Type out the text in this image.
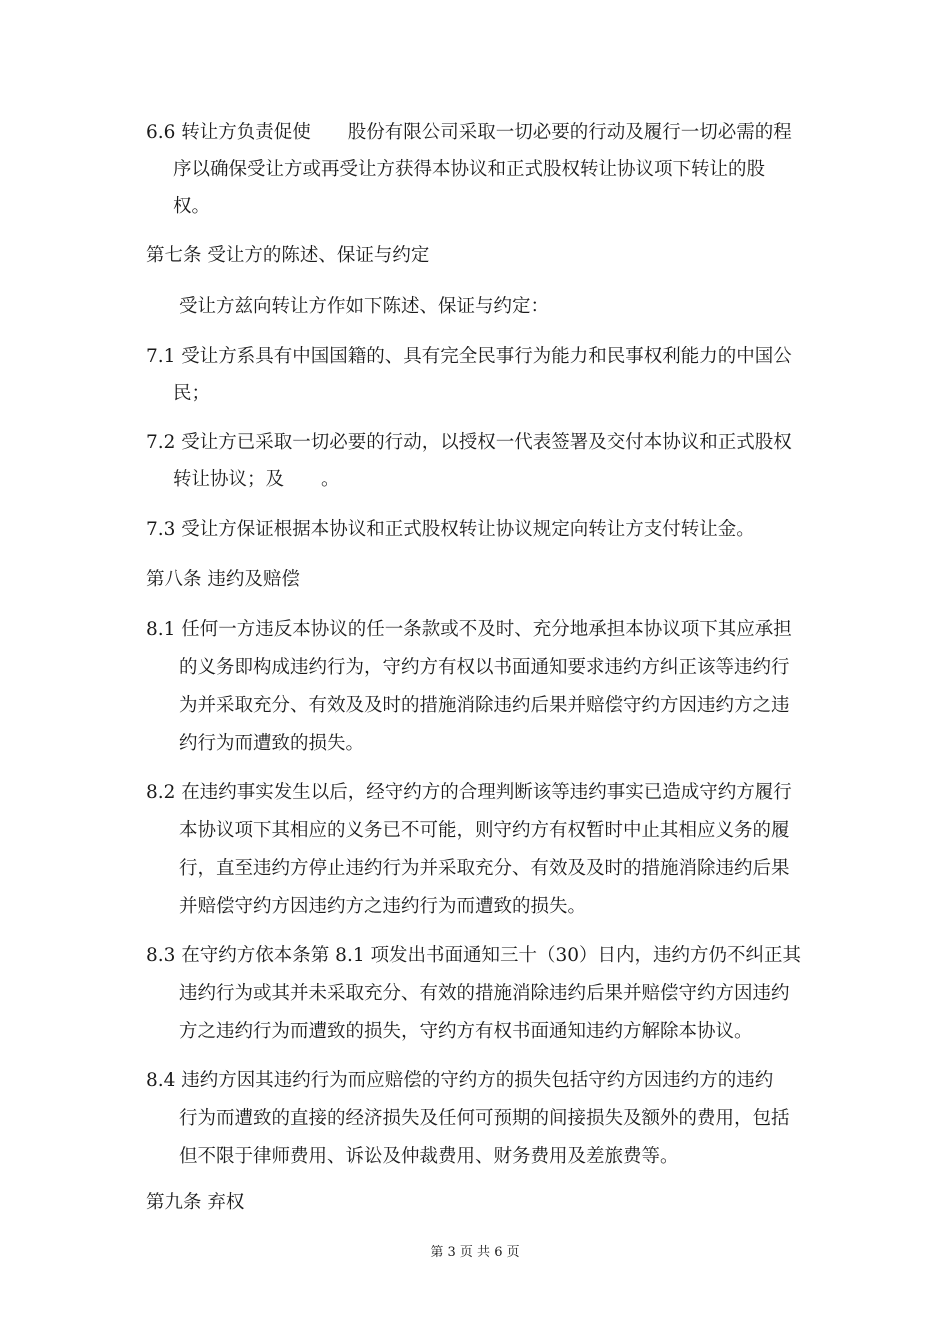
6.6 转让方负责促使　　股份有限公司采取一切必要的行动及履行一切必需的程
序以确保受让方或再受让方获得本协议和正式股权转让协议项下转让的股
权。
第七条 受让方的陈述、保证与约定
受让方兹向转让方作如下陈述、保证与约定：
7.1 受让方系具有中国国籍的、具有完全民事行为能力和民事权利能力的中国公
民；
7.2 受让方已采取一切必要的行动，以授权一代表签署及交付本协议和正式股权
转让协议；及　　。
7.3 受让方保证根据本协议和正式股权转让协议规定向转让方支付转让金。
第八条 违约及赔偿
8.1 任何一方违反本协议的任一条款或不及时、充分地承担本协议项下其应承担
的义务即构成违约行为，守约方有权以书面通知要求违约方纠正该等违约行
为并采取充分、有效及及时的措施消除违约后果并赔偿守约方因违约方之违
约行为而遭致的损失。
8.2 在违约事实发生以后，经守约方的合理判断该等违约事实已造成守约方履行
本协议项下其相应的义务已不可能，则守约方有权暂时中止其相应义务的履
行，直至违约方停止违约行为并采取充分、有效及及时的措施消除违约后果
并赔偿守约方因违约方之违约行为而遭致的损失。
8.3 在守约方依本条第 8.1 项发出书面通知三十（30）日内，违约方仍不纠正其
违约行为或其并未采取充分、有效的措施消除违约后果并赔偿守约方因违约
方之违约行为而遭致的损失，守约方有权书面通知违约方解除本协议。
8.4 违约方因其违约行为而应赔偿的守约方的损失包括守约方因违约方的违约
行为而遭致的直接的经济损失及任何可预期的间接损失及额外的费用，包括
但不限于律师费用、诉讼及仲裁费用、财务费用及差旅费等。
第九条 弃权
第 3 页 共 6 页
